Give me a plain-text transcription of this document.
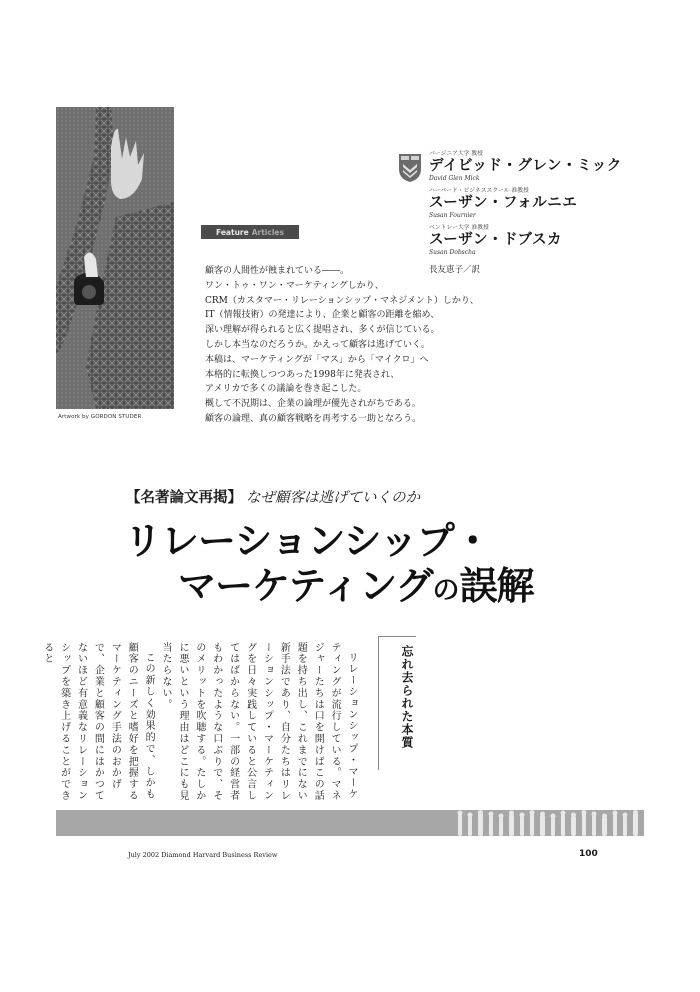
Artwork by GORDON STUDER
Feature Articles
顧客の人間性が蝕まれている――。
ワン・トゥ・ワン・マーケティングしかり、
CRM（カスタマー・リレーションシップ・マネジメント）しかり、
IT（情報技術）の発達により、企業と顧客の距離を縮め、
深い理解が得られると広く提唱され、多くが信じている。
しかし本当なのだろうか。かえって顧客は逃げていく。
本稿は、マーケティングが「マス」から「マイクロ」へ
本格的に転換しつつあった1998年に発表され、
アメリカで多くの議論を巻き起こした。
概して不況期は、企業の論理が優先されがちである。
顧客の論理、真の顧客戦略を再考する一助となろう。
バージニア大学 教授
デイビッド・グレン・ミック
David Glen Mick
ハーバード・ビジネススクール 准教授
スーザン・フォルニエ
Susan Fournier
ベントレー大学 准教授
スーザン・ドブスカ
Susan Dobscha
長友恵子／訳
【名著論文再掲】 なぜ顧客は逃げていくのか
リレーションシップ・
マーケティングの誤解
忘れ去られた本質

リレーションシップ・マーケティングが流行している。マネジャーたちは口を開けばこの話題を持ち出し、これまでにない新手法であり、自分たちはリレーションシップ・マーケティングを日々実践していると公言してはばからない。一部の経営者もわかったような口ぶりで、そのメリットを吹聴する。たしかに悪いという理由はどこにも見当たらない。

この新しく効果的で、しかも顧客のニーズと嗜好を把握するマーケティング手法のおかげで、企業と顧客の間にはかつてないほど有意義なリレーションシップを築き上げることができると

July 2002 Diamond Harvard Business Review	100
